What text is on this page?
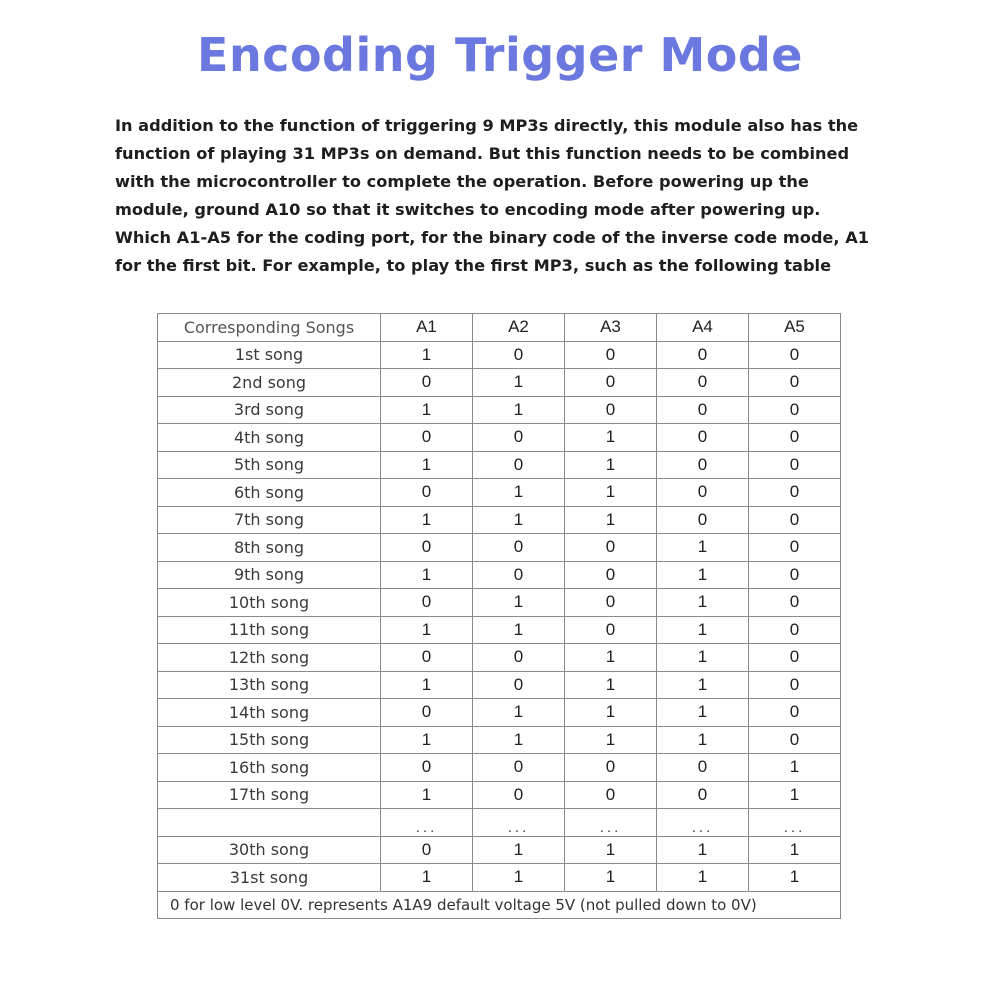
Encoding Trigger Mode
In addition to the function of triggering 9 MP3s directly, this module also has the
function of playing 31 MP3s on demand. But this function needs to be combined
with the microcontroller to complete the operation. Before powering up the
module, ground A10 so that it switches to encoding mode after powering up.
Which A1-A5 for the coding port, for the binary code of the inverse code mode, A1
for the first bit. For example, to play the first MP3, such as the following table
Corresponding Songs	A1	A2	A3	A4	A5
1st song	1	0	0	0	0
2nd song	0	1	0	0	0
3rd song	1	1	0	0	0
4th song	0	0	1	0	0
5th song	1	0	1	0	0
6th song	0	1	1	0	0
7th song	1	1	1	0	0
8th song	0	0	0	1	0
9th song	1	0	0	1	0
10th song	0	1	0	1	0
11th song	1	1	0	1	0
12th song	0	0	1	1	0
13th song	1	0	1	1	0
14th song	0	1	1	1	0
15th song	1	1	1	1	0
16th song	0	0	0	0	1
17th song	1	0	0	0	1
	...	...	...	...	...
30th song	0	1	1	1	1
31st song	1	1	1	1	1
0 for low level 0V. represents A1A9 default voltage 5V (not pulled down to 0V)					
